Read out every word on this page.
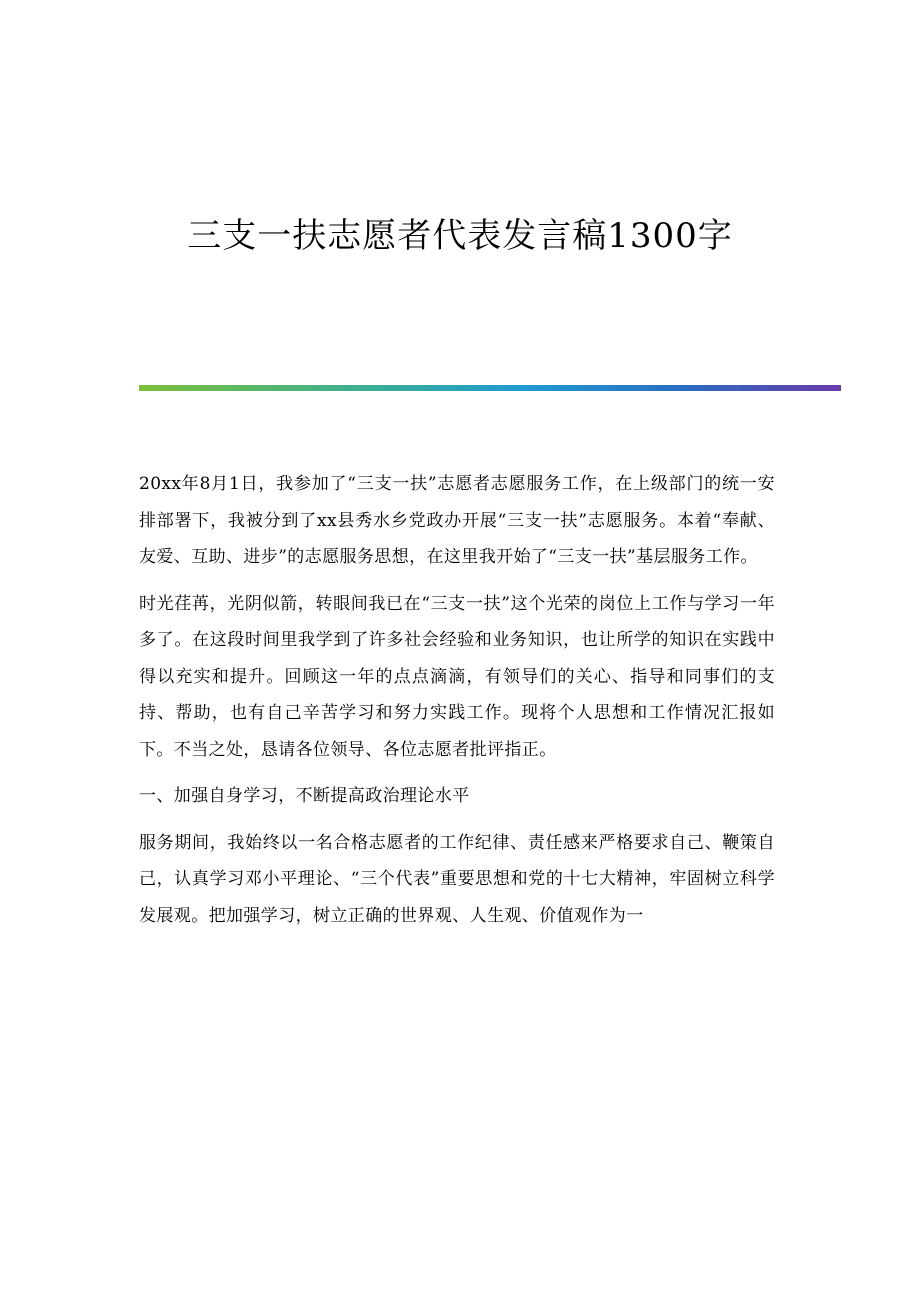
三支一扶志愿者代表发言稿1300字

20xx年8月1日，我参加了“三支一扶”志愿者志愿服务工作，在上级部门的统一安排部署下，我被分到了xx县秀水乡党政办开展“三支一扶”志愿服务。本着“奉献、友爱、互助、进步”的志愿服务思想，在这里我开始了“三支一扶”基层服务工作。

时光荏苒，光阴似箭，转眼间我已在“三支一扶”这个光荣的岗位上工作与学习一年多了。在这段时间里我学到了许多社会经验和业务知识，也让所学的知识在实践中得以充实和提升。回顾这一年的点点滴滴，有领导们的关心、指导和同事们的支持、帮助，也有自己辛苦学习和努力实践工作。现将个人思想和工作情况汇报如下。不当之处，恳请各位领导、各位志愿者批评指正。

一、加强自身学习，不断提高政治理论水平

服务期间，我始终以一名合格志愿者的工作纪律、责任感来严格要求自己、鞭策自己，认真学习邓小平理论、“三个代表”重要思想和党的十七大精神，牢固树立科学发展观。把加强学习，树立正确的世界观、人生观、价值观作为一
